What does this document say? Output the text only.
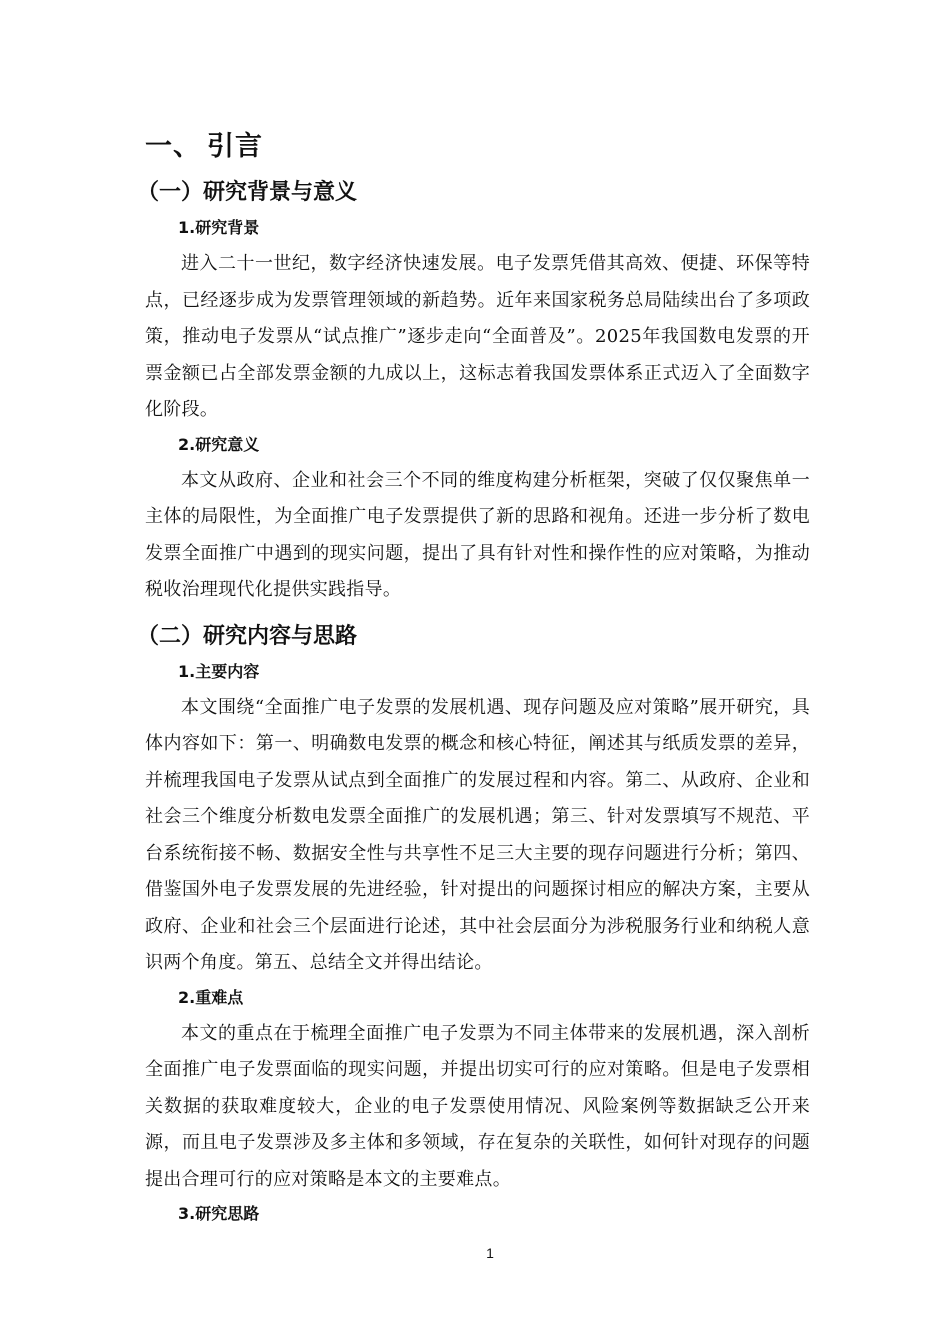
一、 引言
（一）研究背景与意义
1.研究背景

进入二十一世纪，数字经济快速发展。电子发票凭借其高效、便捷、环保等特点，已经逐步成为发票管理领域的新趋势。近年来国家税务总局陆续出台了多项政策，推动电子发票从“试点推广”逐步走向“全面普及”。2025年我国数电发票的开票金额已占全部发票金额的九成以上，这标志着我国发票体系正式迈入了全面数字化阶段。

2.研究意义

本文从政府、企业和社会三个不同的维度构建分析框架，突破了仅仅聚焦单一主体的局限性，为全面推广电子发票提供了新的思路和视角。还进一步分析了数电发票全面推广中遇到的现实问题，提出了具有针对性和操作性的应对策略，为推动税收治理现代化提供实践指导。

（二）研究内容与思路
1.主要内容

本文围绕“全面推广电子发票的发展机遇、现存问题及应对策略”展开研究，具体内容如下：第一、明确数电发票的概念和核心特征，阐述其与纸质发票的差异，并梳理我国电子发票从试点到全面推广的发展过程和内容。第二、从政府、企业和社会三个维度分析数电发票全面推广的发展机遇；第三、针对发票填写不规范、平台系统衔接不畅、数据安全性与共享性不足三大主要的现存问题进行分析；第四、借鉴国外电子发票发展的先进经验，针对提出的问题探讨相应的解决方案，主要从政府、企业和社会三个层面进行论述，其中社会层面分为涉税服务行业和纳税人意识两个角度。第五、总结全文并得出结论。

2.重难点

本文的重点在于梳理全面推广电子发票为不同主体带来的发展机遇，深入剖析全面推广电子发票面临的现实问题，并提出切实可行的应对策略。但是电子发票相关数据的获取难度较大，企业的电子发票使用情况、风险案例等数据缺乏公开来源，而且电子发票涉及多主体和多领域，存在复杂的关联性，如何针对现存的问题提出合理可行的应对策略是本文的主要难点。

3.研究思路
1
